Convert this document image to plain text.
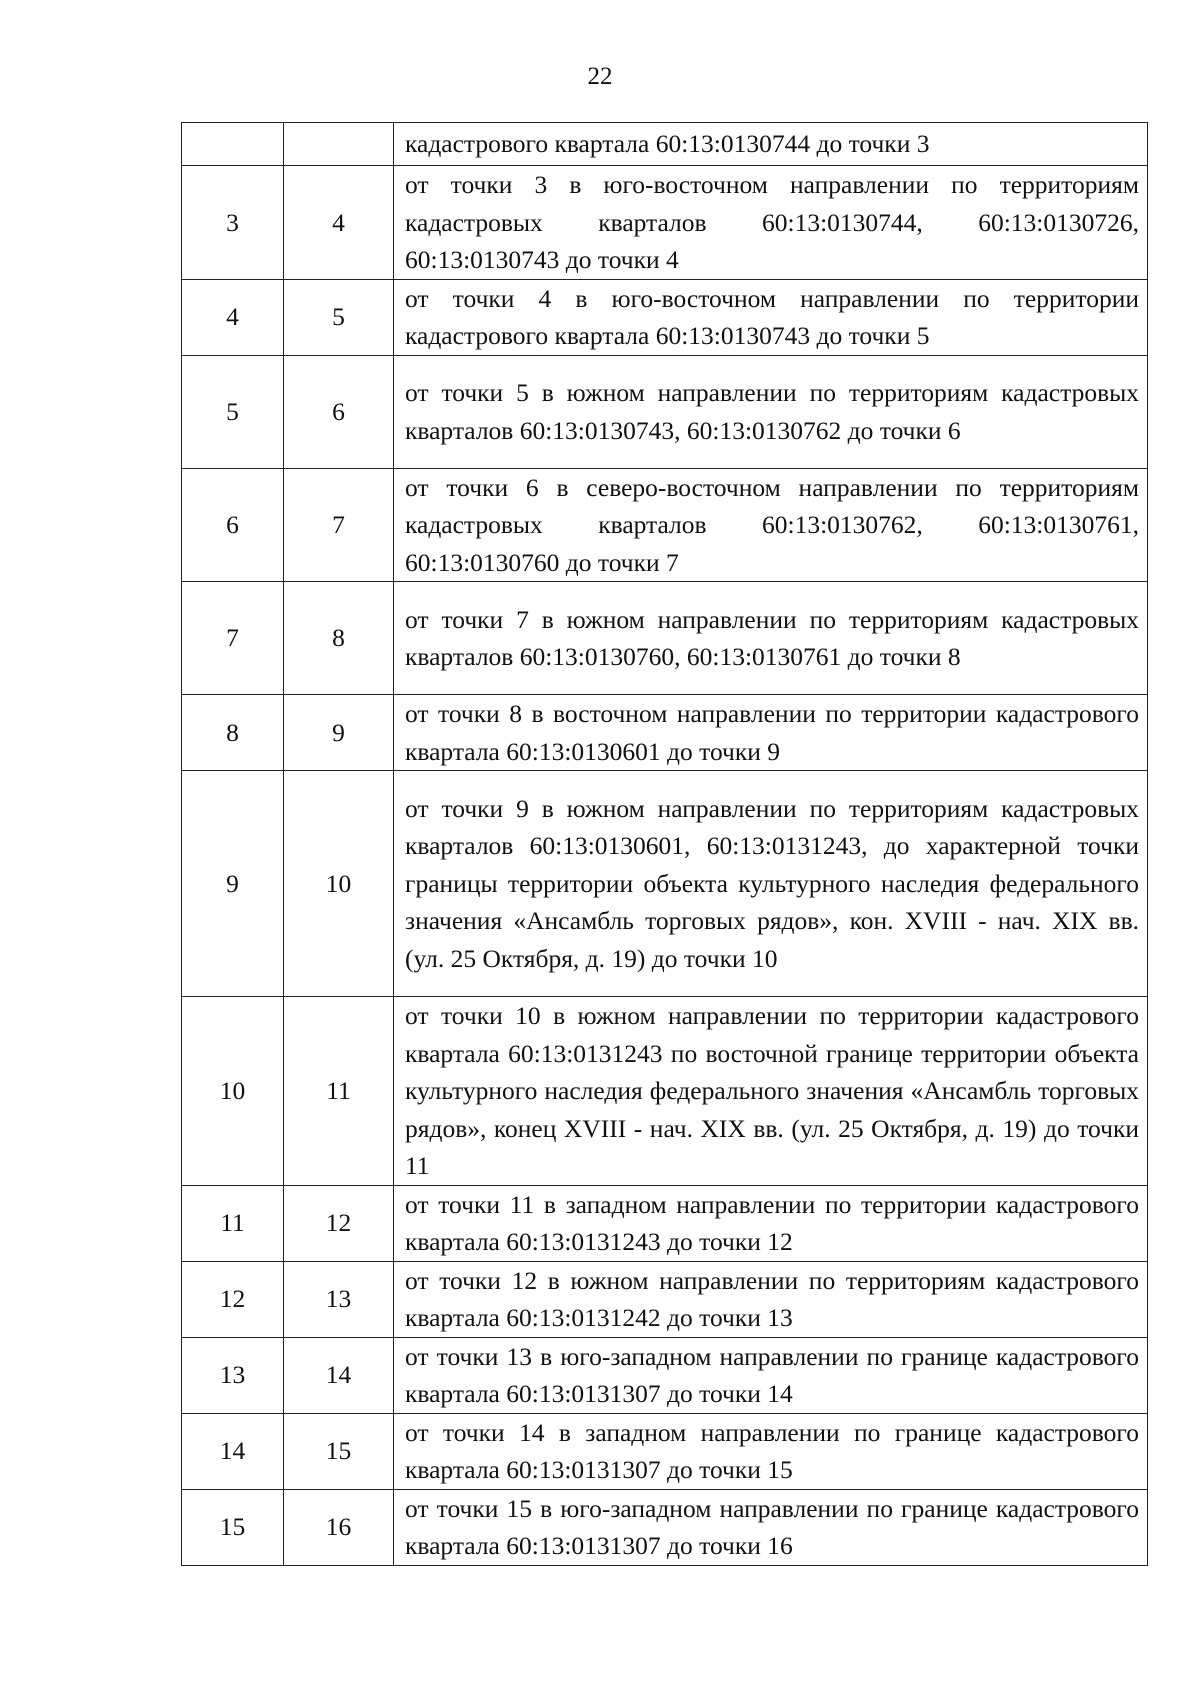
22
		кадастрового квартала 60:13:0130744 до точки 3
3	4	от точки 3 в юго-восточном направлении по территориям кадастровых кварталов 60:13:0130744, 60:13:0130726, 60:13:0130743 до точки 4
4	5	от точки 4 в юго-восточном направлении по территории кадастрового квартала 60:13:0130743 до точки 5
5	6	от точки 5 в южном направлении по территориям кадастровых кварталов 60:13:0130743, 60:13:0130762 до точки 6
6	7	от точки 6 в северо-восточном направлении по территориям кадастровых кварталов 60:13:0130762, 60:13:0130761, 60:13:0130760 до точки 7
7	8	от точки 7 в южном направлении по территориям кадастровых кварталов 60:13:0130760, 60:13:0130761 до точки 8
8	9	от точки 8 в восточном направлении по территории кадастрового квартала 60:13:0130601 до точки 9
9	10	от точки 9 в южном направлении по территориям кадастровых кварталов 60:13:0130601, 60:13:0131243, до характерной точки границы территории объекта культурного наследия федерального значения «Ансамбль торговых рядов», кон. XVIII - нач. XIX вв. (ул. 25 Октября, д. 19) до точки 10
10	11	от точки 10 в южном направлении по территории кадастрового квартала 60:13:0131243 по восточной границе территории объекта культурного наследия федерального значения «Ансамбль торговых рядов», конец XVIII - нач. XIX вв. (ул. 25 Октября, д. 19) до точки 11
11	12	от точки 11 в западном направлении по территории кадастрового квартала 60:13:0131243 до точки 12
12	13	от точки 12 в южном направлении по территориям кадастрового квартала 60:13:0131242 до точки 13
13	14	от точки 13 в юго-западном направлении по границе кадастрового квартала 60:13:0131307 до точки 14
14	15	от точки 14 в западном направлении по границе кадастрового квартала 60:13:0131307 до точки 15
15	16	от точки 15 в юго-западном направлении по границе кадастрового квартала 60:13:0131307 до точки 16
